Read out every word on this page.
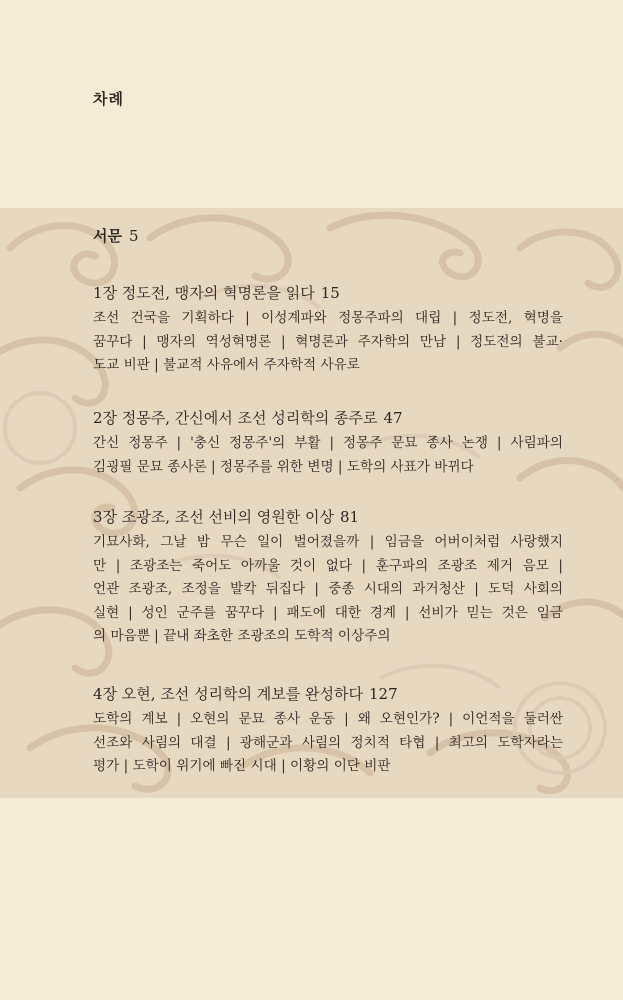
차례
서문 5
1장 정도전, 맹자의 혁명론을 읽다 15
조선 건국을 기획하다 | 이성계파와 정몽주파의 대립 | 정도전, 혁명을
꿈꾸다 | 맹자의 역성혁명론 | 혁명론과 주자학의 만남 | 정도전의 불교·
도교 비판 | 불교적 사유에서 주자학적 사유로
2장 정몽주, 간신에서 조선 성리학의 종주로 47
간신 정몽주 | '충신 정몽주'의 부활 | 정몽주 문묘 종사 논쟁 | 사림파의
김굉필 문묘 종사론 | 정몽주를 위한 변명 | 도학의 사표가 바뀌다
3장 조광조, 조선 선비의 영원한 이상 81
기묘사화, 그날 밤 무슨 일이 벌어졌을까 | 임금을 어버이처럼 사랑했지
만 | 조광조는 죽어도 아까울 것이 없다 | 훈구파의 조광조 제거 음모 |
언관 조광조, 조정을 발칵 뒤집다 | 중종 시대의 과거청산 | 도덕 사회의
실현 | 성인 군주를 꿈꾸다 | 패도에 대한 경계 | 선비가 믿는 것은 임금
의 마음뿐 | 끝내 좌초한 조광조의 도학적 이상주의
4장 오현, 조선 성리학의 계보를 완성하다 127
도학의 계보 | 오현의 문묘 종사 운동 | 왜 오현인가? | 이언적을 둘러싼
선조와 사림의 대결 | 광해군과 사림의 정치적 타협 | 최고의 도학자라는
평가 | 도학이 위기에 빠진 시대 | 이황의 이단 비판
